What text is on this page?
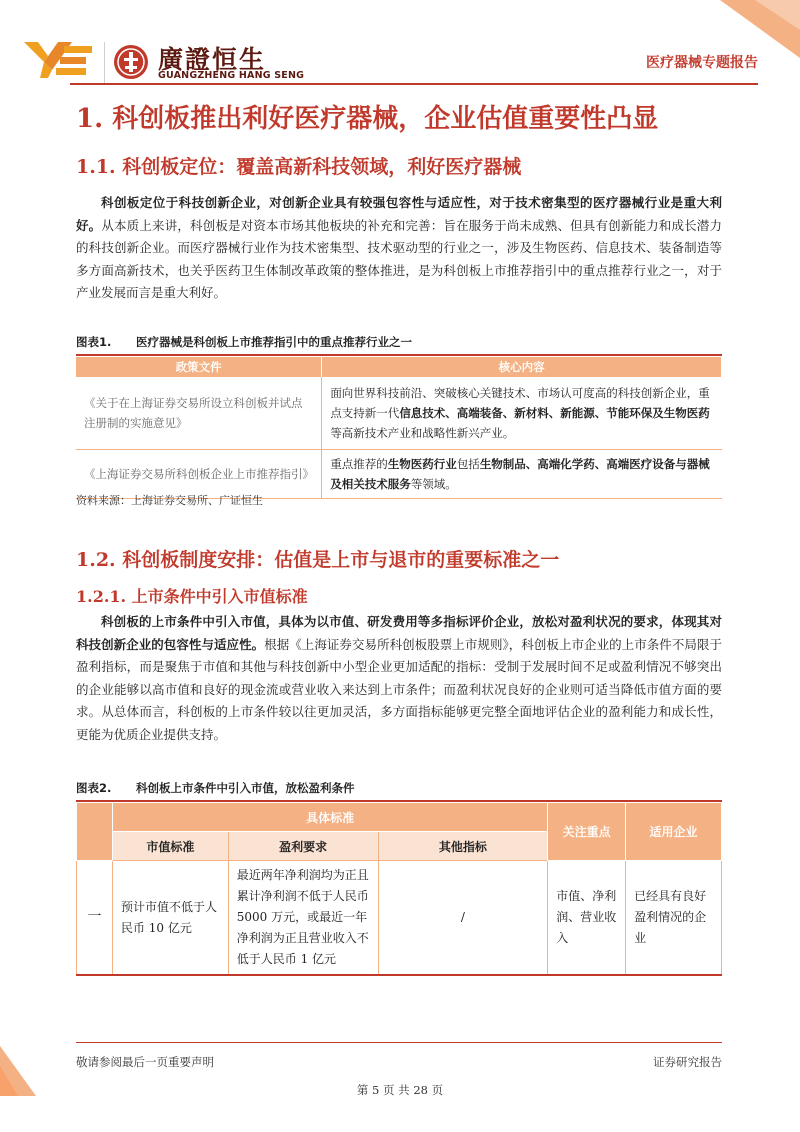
廣證恒生
GUANGZHENG HANG SENG
医疗器械专题报告
1. 科创板推出利好医疗器械，企业估值重要性凸显
1.1. 科创板定位：覆盖高新科技领域，利好医疗器械

科创板定位于科技创新企业，对创新企业具有较强包容性与适应性，对于技术密集型的医疗器械行业是重大利好。从本质上来讲，科创板是对资本市场其他板块的补充和完善：旨在服务于尚未成熟、但具有创新能力和成长潜力的科技创新企业。而医疗器械行业作为技术密集型、技术驱动型的行业之一，涉及生物医药、信息技术、装备制造等多方面高新技术，也关乎医药卫生体制改革政策的整体推进，是为科创板上市推荐指引中的重点推荐行业之一，对于产业发展而言是重大利好。

图表1. 医疗器械是科创板上市推荐指引中的重点推荐行业之一
政策文件	核心内容
《关于在上海证券交易所设立科创板并试点注册制的实施意见》	面向世界科技前沿、突破核心关键技术、市场认可度高的科技创新企业，重点支持新一代信息技术、高端装备、新材料、新能源、节能环保及生物医药等高新技术产业和战略性新兴产业。
《上海证券交易所科创板企业上市推荐指引》	重点推荐的生物医药行业包括生物制品、高端化学药、高端医疗设备与器械及相关技术服务等领域。
资料来源：上海证券交易所、广证恒生
1.2. 科创板制度安排：估值是上市与退市的重要标准之一
1.2.1. 上市条件中引入市值标准

科创板的上市条件中引入市值，具体为以市值、研发费用等多指标评价企业，放松对盈利状况的要求，体现其对科技创新企业的包容性与适应性。根据《上海证券交易所科创板股票上市规则》，科创板上市企业的上市条件不局限于盈利指标，而是聚焦于市值和其他与科技创新中小型企业更加适配的指标：受制于发展时间不足或盈利情况不够突出的企业能够以高市值和良好的现金流或营业收入来达到上市条件；而盈利状况良好的企业则可适当降低市值方面的要求。从总体而言，科创板的上市条件较以往更加灵活，多方面指标能够更完整全面地评估企业的盈利能力和成长性，更能为优质企业提供支持。

图表2. 科创板上市条件中引入市值，放松盈利条件
	具体标准			关注重点	适用企业
	市值标准	盈利要求	其他指标		
一	预计市值不低于人民币 10 亿元	最近两年净利润均为正且累计净利润不低于人民币 5000 万元，或最近一年净利润为正且营业收入不低于人民币 1 亿元	/	市值、净利润、营业收入	已经具有良好盈利情况的企业
敬请参阅最后一页重要声明	证券研究报告
第 5 页 共 28 页
